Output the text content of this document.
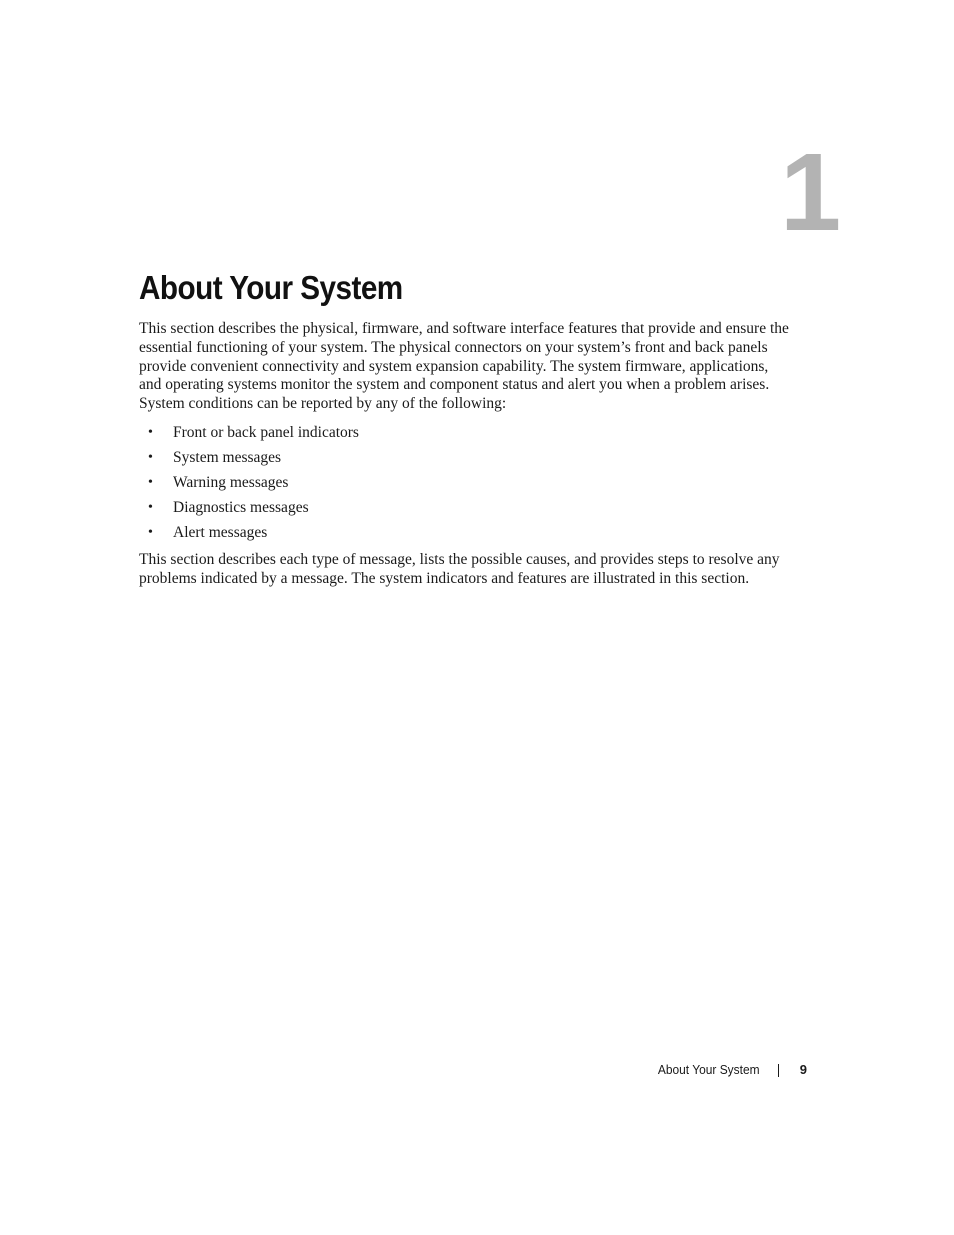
1
About Your System

This section describes the physical, firmware, and software interface features that provide and ensure the essential functioning of your system. The physical connectors on your system’s front and back panels provide convenient connectivity and system expansion capability. The system firmware, applications, and operating systems monitor the system and component status and alert you when a problem arises. System conditions can be reported by any of the following:

• Front or back panel indicators
• System messages
• Warning messages
• Diagnostics messages
• Alert messages

This section describes each type of message, lists the possible causes, and provides steps to resolve any problems indicated by a message. The system indicators and features are illustrated in this section.

About Your System	9
